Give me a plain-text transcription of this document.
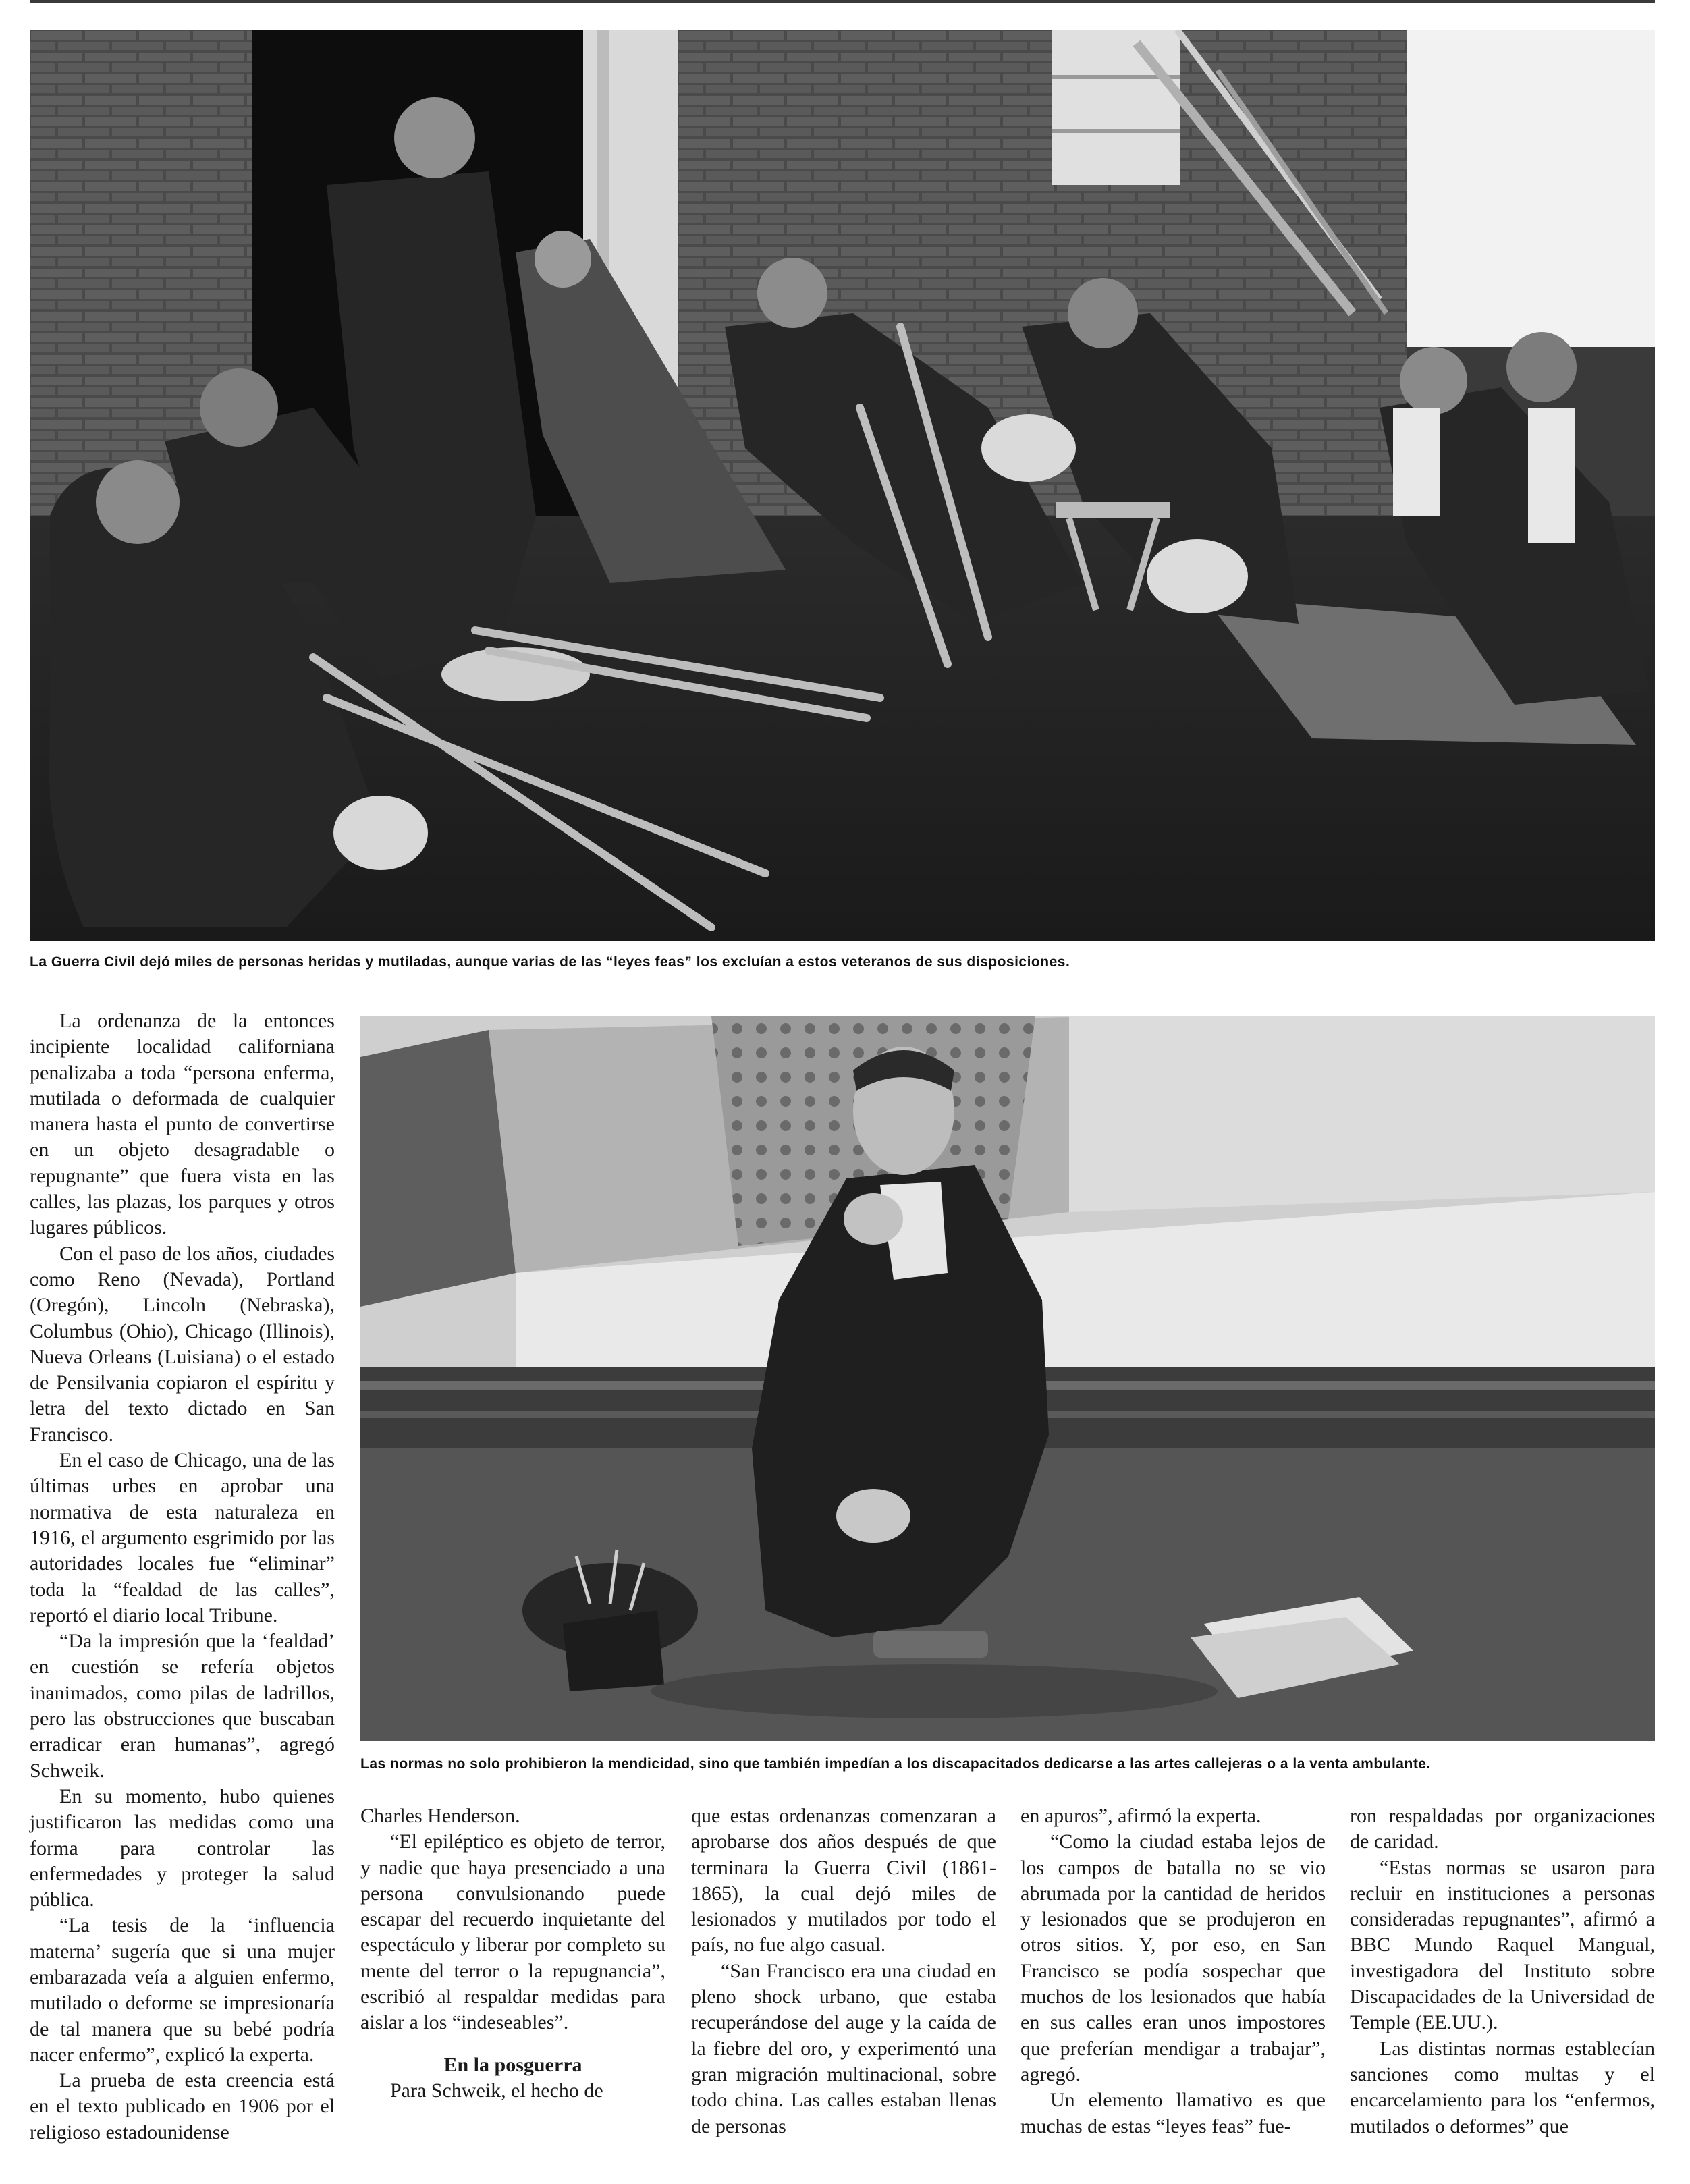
La Guerra Civil dejó miles de personas heridas y mutiladas, aunque varias de las “leyes feas” los excluían a estos veteranos de sus disposiciones.

La ordenanza de la entonces incipiente localidad californiana penalizaba a toda “persona enferma, mutilada o deformada de cualquier manera hasta el punto de convertirse en un objeto desagradable o repugnante” que fuera vista en las calles, las plazas, los parques y otros lugares públicos.

Con el paso de los años, ciudades como Reno (Nevada), Portland (Oregón), Lincoln (Nebraska), Columbus (Ohio), Chicago (Illinois), Nueva Orleans (Luisiana) o el estado de Pensilvania copiaron el espíritu y letra del texto dictado en San Francisco.

En el caso de Chicago, una de las últimas urbes en aprobar una normativa de esta naturaleza en 1916, el argumento esgrimido por las autoridades locales fue “eliminar” toda la “fealdad de las calles”, reportó el diario local Tribune.

“Da la impresión que la ‘fealdad’ en cuestión se refería objetos inanimados, como pilas de ladrillos, pero las obstrucciones que buscaban erradicar eran humanas”, agregó Schweik.

En su momento, hubo quienes justificaron las medidas como una forma para controlar las enfermedades y proteger la salud pública.

“La tesis de la ‘influencia materna’ sugería que si una mujer embarazada veía a alguien enfermo, mutilado o deforme se impresionaría de tal manera que su bebé podría nacer enfermo”, explicó la experta.

La prueba de esta creencia está en el texto publicado en 1906 por el religioso estadounidense

Las normas no solo prohibieron la mendicidad, sino que también impedían a los discapacitados dedicarse a las artes callejeras o a la venta ambulante.

Charles Henderson.

“El epiléptico es objeto de terror, y nadie que haya presenciado a una persona convulsionando puede escapar del recuerdo inquietante del espectáculo y liberar por completo su mente del terror o la repugnancia”, escribió al respaldar medidas para aislar a los “indeseables”.

En la posguerra

Para Schweik, el hecho de

que estas ordenanzas comenzaran a aprobarse dos años después de que terminara la Guerra Civil (1861-1865), la cual dejó miles de lesionados y mutilados por todo el país, no fue algo casual.

“San Francisco era una ciudad en pleno shock urbano, que estaba recuperándose del auge y la caída de la fiebre del oro, y experimentó una gran migración multinacional, sobre todo china. Las calles estaban llenas de personas

en apuros”, afirmó la experta.

“Como la ciudad estaba lejos de los campos de batalla no se vio abrumada por la cantidad de heridos y lesionados que se produjeron en otros sitios. Y, por eso, en San Francisco se podía sospechar que muchos de los lesionados que había en sus calles eran unos impostores que preferían mendigar a trabajar”, agregó.

Un elemento llamativo es que muchas de estas “leyes feas” fue-

ron respaldadas por organizaciones de caridad.

“Estas normas se usaron para recluir en instituciones a personas consideradas repugnantes”, afirmó a BBC Mundo Raquel Mangual, investigadora del Instituto sobre Discapacidades de la Universidad de Temple (EE.UU.).

Las distintas normas establecían sanciones como multas y el encarcelamiento para los “enfermos, mutilados o deformes” que
